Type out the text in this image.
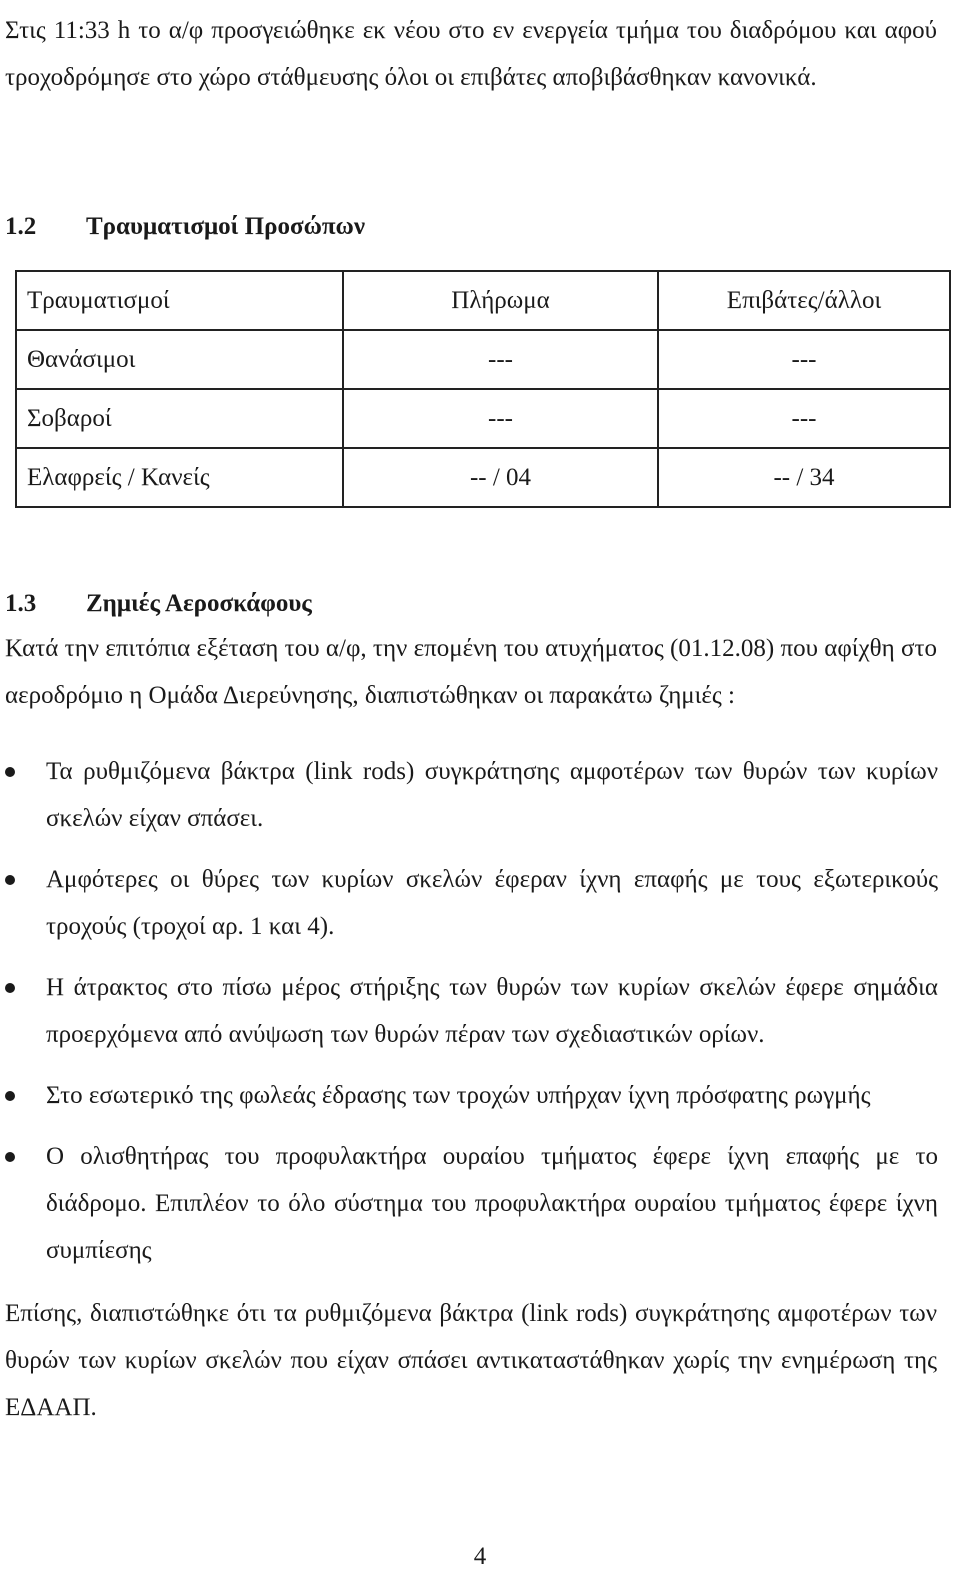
Στις 11:33 h το α/φ προσγειώθηκε εκ νέου στο εν ενεργεία τμήμα του διαδρόμου και αφού τροχοδρόμησε στο χώρο στάθμευσης όλοι οι επιβάτες αποβιβάσθηκαν κανονικά.

1.2 Τραυματισμοί Προσώπων
Τραυματισμοί	Πλήρωμα	Επιβάτες/άλλοι
Θανάσιμοι	---	---
Σοβαροί	---	---
Ελαφρείς / Κανείς	-- / 04	-- / 34
1.3 Ζημιές Αεροσκάφους

Κατά την επιτόπια εξέταση του α/φ, την επομένη του ατυχήματος (01.12.08) που αφίχθη στο αεροδρόμιο η Ομάδα Διερεύνησης, διαπιστώθηκαν οι παρακάτω ζημιές :

Τα ρυθμιζόμενα βάκτρα (link rods) συγκράτησης αμφοτέρων των θυρών των κυρίων σκελών είχαν σπάσει.
Αμφότερες οι θύρες των κυρίων σκελών έφεραν ίχνη επαφής με τους εξωτερικούς τροχούς (τροχοί αρ. 1 και 4).
Η άτρακτος στο πίσω μέρος στήριξης των θυρών των κυρίων σκελών έφερε σημάδια προερχόμενα από ανύψωση των θυρών πέραν των σχεδιαστικών ορίων.
Στο εσωτερικό της φωλεάς έδρασης των τροχών υπήρχαν ίχνη πρόσφατης ρωγμής
Ο ολισθητήρας του προφυλακτήρα ουραίου τμήματος έφερε ίχνη επαφής με το διάδρομο. Επιπλέον το όλο σύστημα του προφυλακτήρα ουραίου τμήματος έφερε ίχνη συμπίεσης

Επίσης, διαπιστώθηκε ότι τα ρυθμιζόμενα βάκτρα (link rods) συγκράτησης αμφοτέρων των θυρών των κυρίων σκελών που είχαν σπάσει αντικαταστάθηκαν χωρίς την ενημέρωση της ΕΔΑΑΠ.

4
